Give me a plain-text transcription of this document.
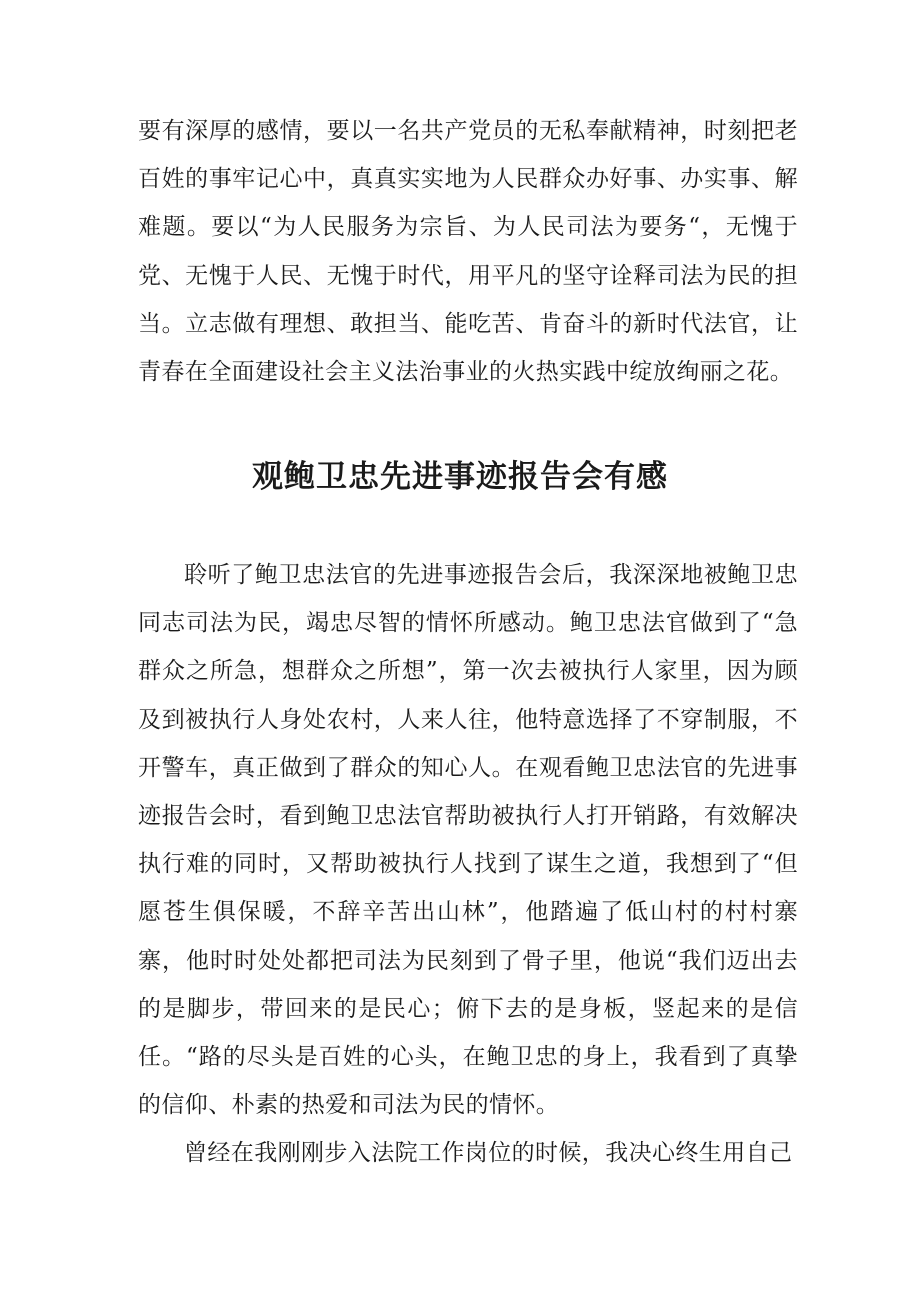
要有深厚的感情，要以一名共产党员的无私奉献精神，时刻把老百姓的事牢记心中，真真实实地为人民群众办好事、办实事、解难题。要以“为人民服务为宗旨、为人民司法为要务“，无愧于党、无愧于人民、无愧于时代，用平凡的坚守诠释司法为民的担当。立志做有理想、敢担当、能吃苦、肯奋斗的新时代法官，让青春在全面建设社会主义法治事业的火热实践中绽放绚丽之花。
观鲍卫忠先进事迹报告会有感

聆听了鲍卫忠法官的先进事迹报告会后，我深深地被鲍卫忠同志司法为民，竭忠尽智的情怀所感动。鲍卫忠法官做到了“急群众之所急，想群众之所想”，第一次去被执行人家里，因为顾及到被执行人身处农村，人来人往，他特意选择了不穿制服，不开警车，真正做到了群众的知心人。在观看鲍卫忠法官的先进事迹报告会时，看到鲍卫忠法官帮助被执行人打开销路，有效解决执行难的同时，又帮助被执行人找到了谋生之道，我想到了“但愿苍生俱保暖，不辞辛苦出山林”，他踏遍了低山村的村村寨寨，他时时处处都把司法为民刻到了骨子里，他说“我们迈出去的是脚步，带回来的是民心；俯下去的是身板，竖起来的是信任。“路的尽头是百姓的心头，在鲍卫忠的身上，我看到了真挚的信仰、朴素的热爱和司法为民的情怀。

曾经在我刚刚步入法院工作岗位的时候，我决心终生用自己
